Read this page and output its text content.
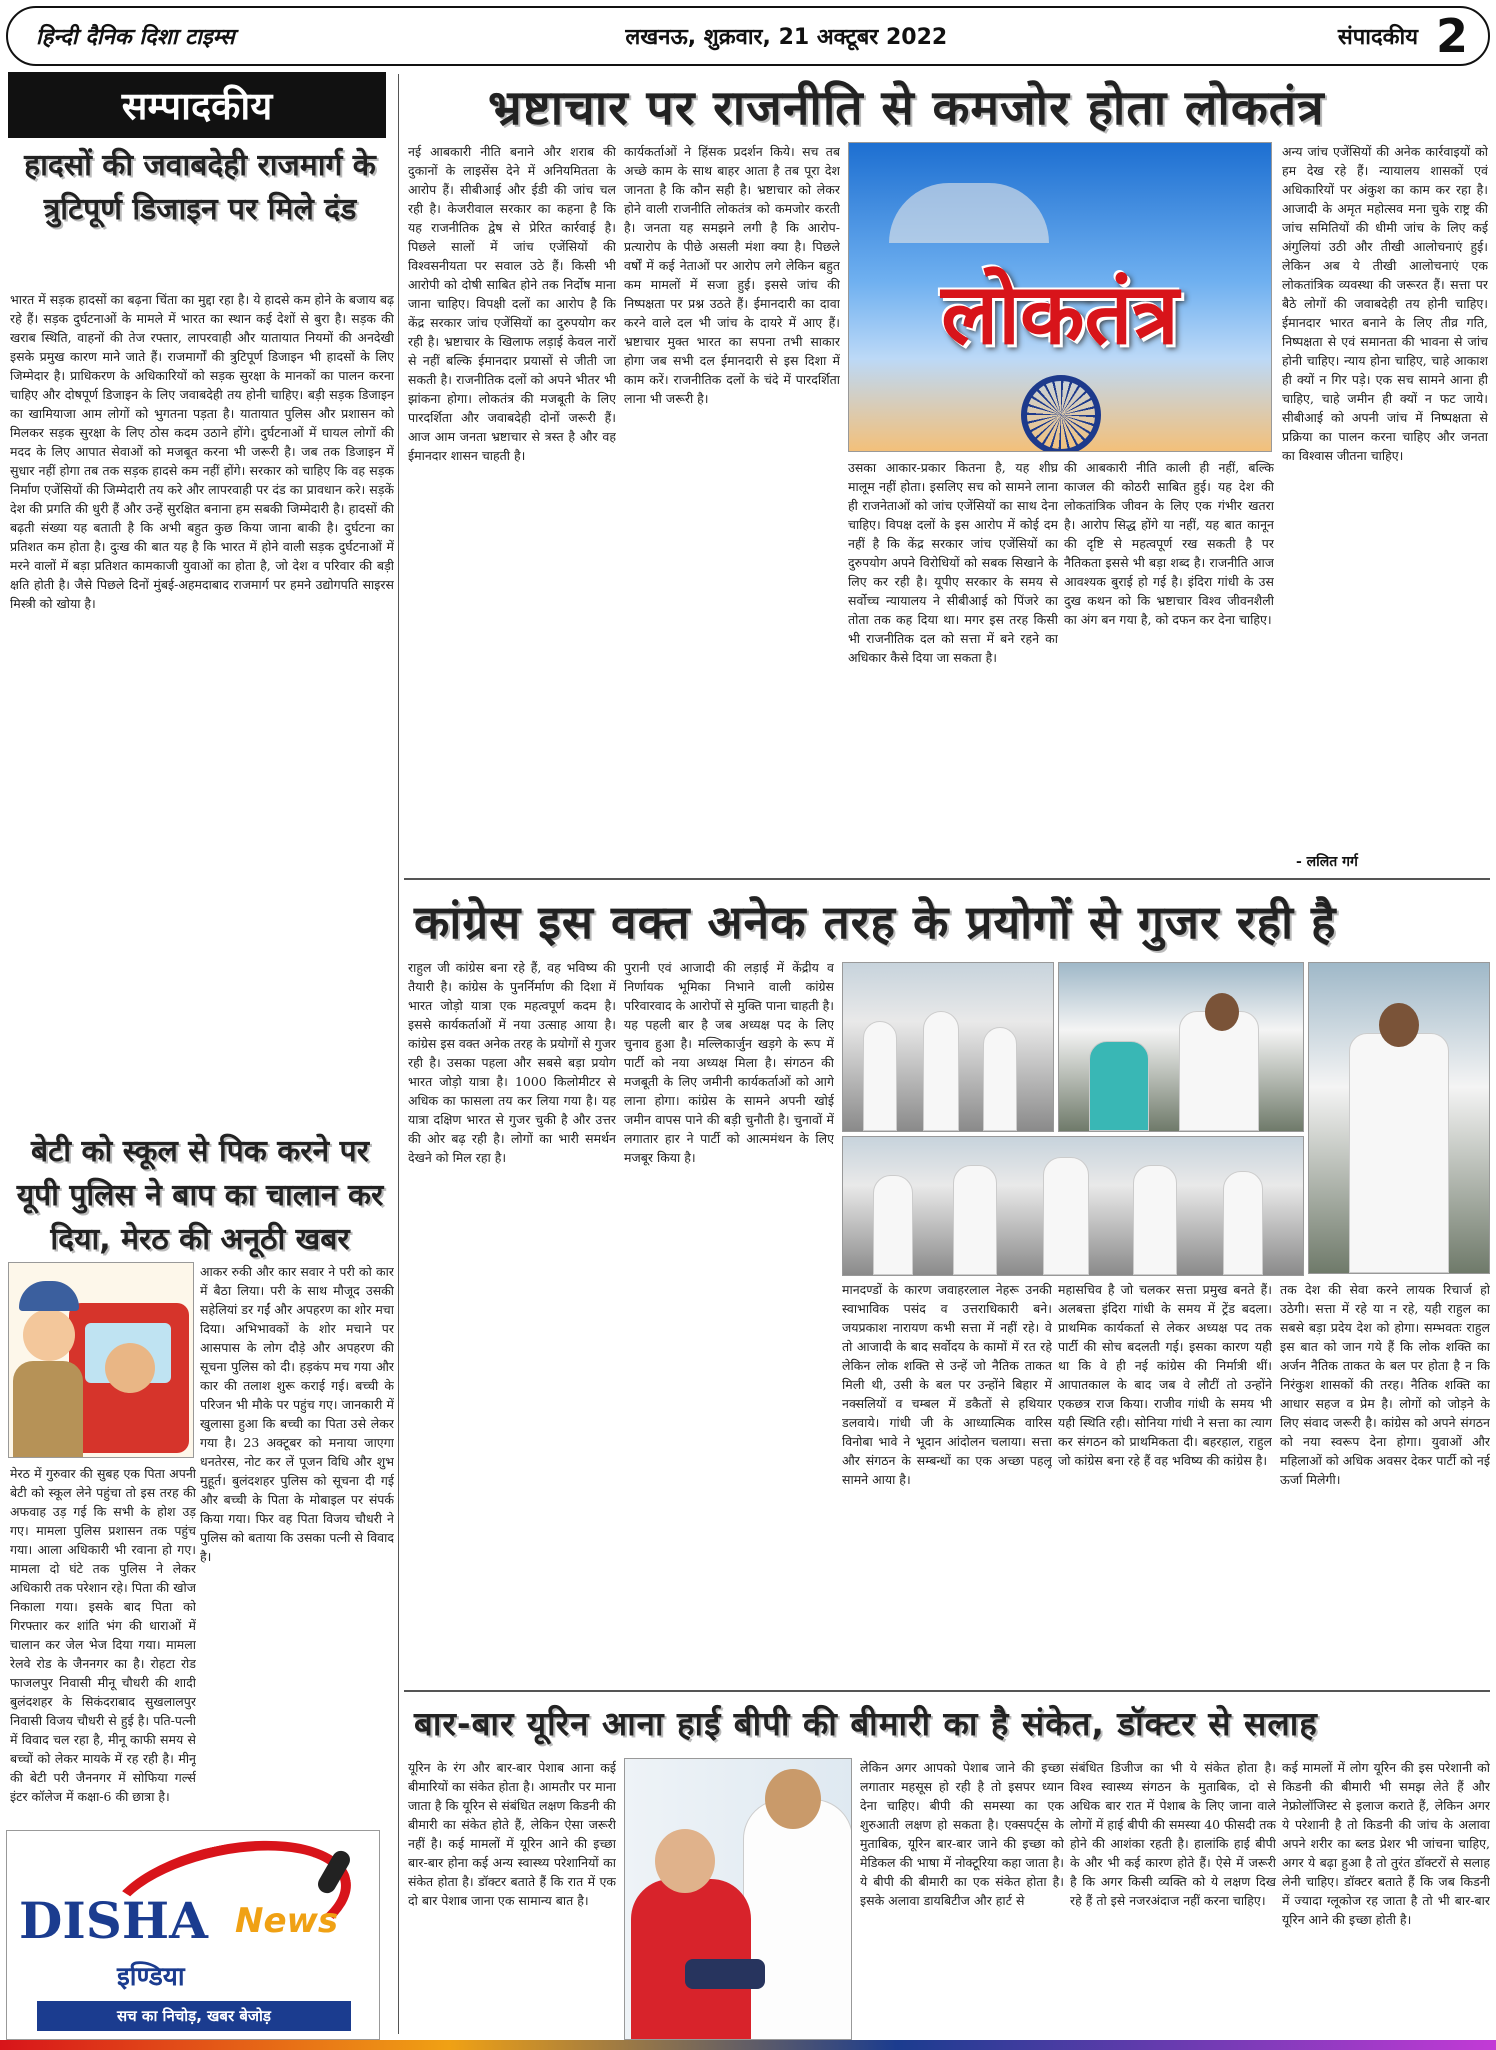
हिन्दी दैनिक दिशा टाइम्स	लखनऊ, शुक्रवार, 21 अक्टूबर 2022	संपादकीय 2
सम्पादकीय	भ्रष्टाचार पर राजनीति से कमजोर होता लोकतंत्र
हादसों की जवाबदेही राजमार्ग के त्रुटिपूर्ण डिजाइन पर मिले दंड
भारत में सड़क हादसों का बढ़ना चिंता का मुद्दा रहा है। ये हादसे कम होने के बजाय बढ़ रहे हैं। सड़क दुर्घटनाओं के मामले में भारत का स्थान कई देशों से बुरा है। सड़क की खराब स्थिति, वाहनों की तेज रफ्तार, लापरवाही और यातायात नियमों की अनदेखी इसके प्रमुख कारण माने जाते हैं। राजमार्गों की त्रुटिपूर्ण डिजाइन भी हादसों के लिए जिम्मेदार है। प्राधिकरण के अधिकारियों को सड़क सुरक्षा के मानकों का पालन करना चाहिए और दोषपूर्ण डिजाइन के लिए जवाबदेही तय होनी चाहिए। बड़ी सड़क डिजाइन का खामियाजा आम लोगों को भुगतना पड़ता है। यातायात पुलिस और प्रशासन को मिलकर सड़क सुरक्षा के लिए ठोस कदम उठाने होंगे। दुर्घटनाओं में घायल लोगों की मदद के लिए आपात सेवाओं को मजबूत करना भी जरूरी है। जब तक डिजाइन में सुधार नहीं होगा तब तक सड़क हादसे कम नहीं होंगे। सरकार को चाहिए कि वह सड़क निर्माण एजेंसियों की जिम्मेदारी तय करे और लापरवाही पर दंड का प्रावधान करे। सड़कें देश की प्रगति की धुरी हैं और उन्हें सुरक्षित बनाना हम सबकी जिम्मेदारी है। हादसों की बढ़ती संख्या यह बताती है कि अभी बहुत कुछ किया जाना बाकी है। दुर्घटना का प्रतिशत कम होता है। दुःख की बात यह है कि भारत में होने वाली सड़क दुर्घटनाओं में मरने वालों में बड़ा प्रतिशत कामकाजी युवाओं का होता है, जो देश व परिवार की बड़ी क्षति होती है। जैसे पिछले दिनों मुंबई-अहमदाबाद राजमार्ग पर हमने उद्योगपति साइरस मिस्त्री को खोया है।
बेटी को स्कूल से पिक करने पर यूपी पुलिस ने बाप का चालान कर दिया, मेरठ की अनूठी खबर
आकर रुकी और कार सवार ने परी को कार में बैठा लिया। परी के साथ मौजूद उसकी सहेलियां डर गईं और अपहरण का शोर मचा दिया। अभिभावकों के शोर मचाने पर आसपास के लोग दौड़े और अपहरण की सूचना पुलिस को दी। हड़कंप मच गया और कार की तलाश शुरू कराई गई। बच्ची के परिजन भी मौके पर पहुंच गए। जानकारी में खुलासा हुआ कि बच्ची का पिता उसे लेकर गया है। 23 अक्टूबर को मनाया जाएगा धनतेरस, नोट कर लें पूजन विधि और शुभ मुहूर्त। बुलंदशहर पुलिस को सूचना दी गई और बच्ची के पिता के मोबाइल पर संपर्क किया गया। फिर वह पिता विजय चौधरी ने पुलिस को बताया कि उसका पत्नी से विवाद है।
मेरठ में गुरुवार की सुबह एक पिता अपनी बेटी को स्कूल लेने पहुंचा तो इस तरह की अफवाह उड़ गई कि सभी के होश उड़ गए। मामला पुलिस प्रशासन तक पहुंच गया। आला अधिकारी भी रवाना हो गए। मामला दो घंटे तक पुलिस ने लेकर अधिकारी तक परेशान रहे। पिता की खोज निकाला गया। इसके बाद पिता को गिरफ्तार कर शांति भंग की धाराओं में चालान कर जेल भेज दिया गया। मामला रेलवे रोड के जैननगर का है। रोहटा रोड फाजलपुर निवासी मीनू चौधरी की शादी बुलंदशहर के सिकंदराबाद सुखलालपुर निवासी विजय चौधरी से हुई है। पति-पत्नी में विवाद चल रहा है, मीनू काफी समय से बच्चों को लेकर मायके में रह रही है। मीनू की बेटी परी जैननगर में सोफिया गर्ल्स इंटर कॉलेज में कक्षा-6 की छात्रा है।
DISHA News
इण्डिया
सच का निचोड़, खबर बेजोड़
नई आबकारी नीति बनाने और शराब की दुकानों के लाइसेंस देने में अनियमितता के आरोप हैं। सीबीआई और ईडी की जांच चल रही है। केजरीवाल सरकार का कहना है कि यह राजनीतिक द्वेष से प्रेरित कार्रवाई है। पिछले सालों में जांच एजेंसियों की विश्वसनीयता पर सवाल उठे हैं। किसी भी आरोपी को दोषी साबित होने तक निर्दोष माना जाना चाहिए। विपक्षी दलों का आरोप है कि केंद्र सरकार जांच एजेंसियों का दुरुपयोग कर रही है। भ्रष्टाचार के खिलाफ लड़ाई केवल नारों से नहीं बल्कि ईमानदार प्रयासों से जीती जा सकती है। राजनीतिक दलों को अपने भीतर भी झांकना होगा। लोकतंत्र की मजबूती के लिए पारदर्शिता और जवाबदेही दोनों जरूरी हैं। आज आम जनता भ्रष्टाचार से त्रस्त है और वह ईमानदार शासन चाहती है।
कार्यकर्ताओं ने हिंसक प्रदर्शन किये। सच तब अच्छे काम के साथ बाहर आता है तब पूरा देश जानता है कि कौन सही है। भ्रष्टाचार को लेकर होने वाली राजनीति लोकतंत्र को कमजोर करती है। जनता यह समझने लगी है कि आरोप-प्रत्यारोप के पीछे असली मंशा क्या है। पिछले वर्षों में कई नेताओं पर आरोप लगे लेकिन बहुत कम मामलों में सजा हुई। इससे जांच की निष्पक्षता पर प्रश्न उठते हैं। ईमानदारी का दावा करने वाले दल भी जांच के दायरे में आए हैं। भ्रष्टाचार मुक्त भारत का सपना तभी साकार होगा जब सभी दल ईमानदारी से इस दिशा में काम करें। राजनीतिक दलों के चंदे में पारदर्शिता लाना भी जरूरी है।
लोकतंत्र
उसका आकार-प्रकार कितना है, यह शीघ्र मालूम नहीं होता। इसलिए सच को सामने लाना ही राजनेताओं को जांच एजेंसियों का साथ देना चाहिए। विपक्ष दलों के इस आरोप में कोई दम नहीं है कि केंद्र सरकार जांच एजेंसियों का दुरुपयोग अपने विरोधियों को सबक सिखाने के लिए कर रही है। यूपीए सरकार के समय से सर्वोच्च न्यायालय ने सीबीआई को पिंजरे का तोता तक कह दिया था। मगर इस तरह किसी भी राजनीतिक दल को सत्ता में बने रहने का अधिकार कैसे दिया जा सकता है।
की आबकारी नीति काली ही नहीं, बल्कि काजल की कोठरी साबित हुई। यह देश की लोकतांत्रिक जीवन के लिए एक गंभीर खतरा है। आरोप सिद्ध होंगे या नहीं, यह बात कानून की दृष्टि से महत्वपूर्ण रख सकती है पर नैतिकता इससे भी बड़ा शब्द है। राजनीति आज आवश्यक बुराई हो गई है। इंदिरा गांधी के उस दुख कथन को कि भ्रष्टाचार विश्व जीवनशैली का अंग बन गया है, को दफन कर देना चाहिए।
अन्य जांच एजेंसियों की अनेक कार्रवाइयों को हम देख रहे हैं। न्यायालय शासकों एवं अधिकारियों पर अंकुश का काम कर रहा है। आजादी के अमृत महोत्सव मना चुके राष्ट्र की जांच समितियों की धीमी जांच के लिए कई अंगुलियां उठी और तीखी आलोचनाएं हुई। लेकिन अब ये तीखी आलोचनाएं एक लोकतांत्रिक व्यवस्था की जरूरत हैं। सत्ता पर बैठे लोगों की जवाबदेही तय होनी चाहिए। ईमानदार भारत बनाने के लिए तीव्र गति, निष्पक्षता से एवं समानता की भावना से जांच होनी चाहिए। न्याय होना चाहिए, चाहे आकाश ही क्यों न गिर पड़े। एक सच सामने आना ही चाहिए, चाहे जमीन ही क्यों न फट जाये। सीबीआई को अपनी जांच में निष्पक्षता से प्रक्रिया का पालन करना चाहिए और जनता का विश्वास जीतना चाहिए।
- ललित गर्ग
कांग्रेस इस वक्त अनेक तरह के प्रयोगों से गुजर रही है
राहुल जी कांग्रेस बना रहे हैं, वह भविष्य की तैयारी है। कांग्रेस के पुनर्निर्माण की दिशा में भारत जोड़ो यात्रा एक महत्वपूर्ण कदम है। इससे कार्यकर्ताओं में नया उत्साह आया है। कांग्रेस इस वक्त अनेक तरह के प्रयोगों से गुजर रही है। उसका पहला और सबसे बड़ा प्रयोग भारत जोड़ो यात्रा है। 1000 किलोमीटर से अधिक का फासला तय कर लिया गया है। यह यात्रा दक्षिण भारत से गुजर चुकी है और उत्तर की ओर बढ़ रही है। लोगों का भारी समर्थन देखने को मिल रहा है।
पुरानी एवं आजादी की लड़ाई में केंद्रीय व निर्णायक भूमिका निभाने वाली कांग्रेस परिवारवाद के आरोपों से मुक्ति पाना चाहती है। यह पहली बार है जब अध्यक्ष पद के लिए चुनाव हुआ है। मल्लिकार्जुन खड़गे के रूप में पार्टी को नया अध्यक्ष मिला है। संगठन की मजबूती के लिए जमीनी कार्यकर्ताओं को आगे लाना होगा। कांग्रेस के सामने अपनी खोई जमीन वापस पाने की बड़ी चुनौती है। चुनावों में लगातार हार ने पार्टी को आत्ममंथन के लिए मजबूर किया है।
मानदण्डों के कारण जवाहरलाल नेहरू उनकी स्वाभाविक पसंद व उत्तराधिकारी बने। जयप्रकाश नारायण कभी सत्ता में नहीं रहे। वे तो आजादी के बाद सर्वोदय के कामों में रत रहे लेकिन लोक शक्ति से उन्हें जो नैतिक ताकत मिली थी, उसी के बल पर उन्होंने बिहार में नक्सलियों व चम्बल में डकैतों से हथियार डलवाये। गांधी जी के आध्यात्मिक वारिस विनोबा भावे ने भूदान आंदोलन चलाया। सत्ता और संगठन के सम्बन्धों का एक अच्छा पहलू सामने आया है।
महासचिव है जो चलकर सत्ता प्रमुख बनते हैं। अलबत्ता इंदिरा गांधी के समय में ट्रेंड बदला। प्राथमिक कार्यकर्ता से लेकर अध्यक्ष पद तक पार्टी की सोच बदलती गई। इसका कारण यही था कि वे ही नई कांग्रेस की निर्मात्री थीं। आपातकाल के बाद जब वे लौटीं तो उन्होंने एकछत्र राज किया। राजीव गांधी के समय भी यही स्थिति रही। सोनिया गांधी ने सत्ता का त्याग कर संगठन को प्राथमिकता दी। बहरहाल, राहुल जो कांग्रेस बना रहे हैं वह भविष्य की कांग्रेस है।
तक देश की सेवा करने लायक रिचार्ज हो उठेगी। सत्ता में रहे या न रहे, यही राहुल का सबसे बड़ा प्रदेय देश को होगा। सम्भवतः राहुल इस बात को जान गये हैं कि लोक शक्ति का अर्जन नैतिक ताकत के बल पर होता है न कि निरंकुश शासकों की तरह। नैतिक शक्ति का आधार सहज व प्रेम है। लोगों को जोड़ने के लिए संवाद जरूरी है। कांग्रेस को अपने संगठन को नया स्वरूप देना होगा। युवाओं और महिलाओं को अधिक अवसर देकर पार्टी को नई ऊर्जा मिलेगी।
बार-बार यूरिन आना हाई बीपी की बीमारी का है संकेत, डॉक्टर से सलाह
यूरिन के रंग और बार-बार पेशाब आना कई बीमारियों का संकेत होता है। आमतौर पर माना जाता है कि यूरिन से संबंधित लक्षण किडनी की बीमारी का संकेत होते हैं, लेकिन ऐसा जरूरी नहीं है। कई मामलों में यूरिन आने की इच्छा बार-बार होना कई अन्य स्वास्थ्य परेशानियों का संकेत होता है। डॉक्टर बताते हैं कि रात में एक दो बार पेशाब जाना एक सामान्य बात है।
लेकिन अगर आपको पेशाब जाने की इच्छा लगातार महसूस हो रही है तो इसपर ध्यान देना चाहिए। बीपी की समस्या का एक शुरुआती लक्षण हो सकता है। एक्सपर्ट्स के मुताबिक, यूरिन बार-बार जाने की इच्छा को मेडिकल की भाषा में नोक्टूरिया कहा जाता है। ये बीपी की बीमारी का एक संकेत होता है। इसके अलावा डायबिटीज और हार्ट से
संबंधित डिजीज का भी ये संकेत होता है। विश्व स्वास्थ्य संगठन के मुताबिक, दो से अधिक बार रात में पेशाब के लिए जाना वाले लोगों में हाई बीपी की समस्या 40 फीसदी तक होने की आशंका रहती है। हालांकि हाई बीपी के और भी कई कारण होते हैं। ऐसे में जरूरी है कि अगर किसी व्यक्ति को ये लक्षण दिख रहे हैं तो इसे नजरअंदाज नहीं करना चाहिए।
कई मामलों में लोग यूरिन की इस परेशानी को किडनी की बीमारी भी समझ लेते हैं और नेफ्रोलॉजिस्ट से इलाज कराते हैं, लेकिन अगर ये परेशानी है तो किडनी की जांच के अलावा अपने शरीर का ब्लड प्रेशर भी जांचना चाहिए, अगर ये बढ़ा हुआ है तो तुरंत डॉक्टरों से सलाह लेनी चाहिए। डॉक्टर बताते हैं कि जब किडनी में ज्यादा ग्लूकोज रह जाता है तो भी बार-बार यूरिन आने की इच्छा होती है।
